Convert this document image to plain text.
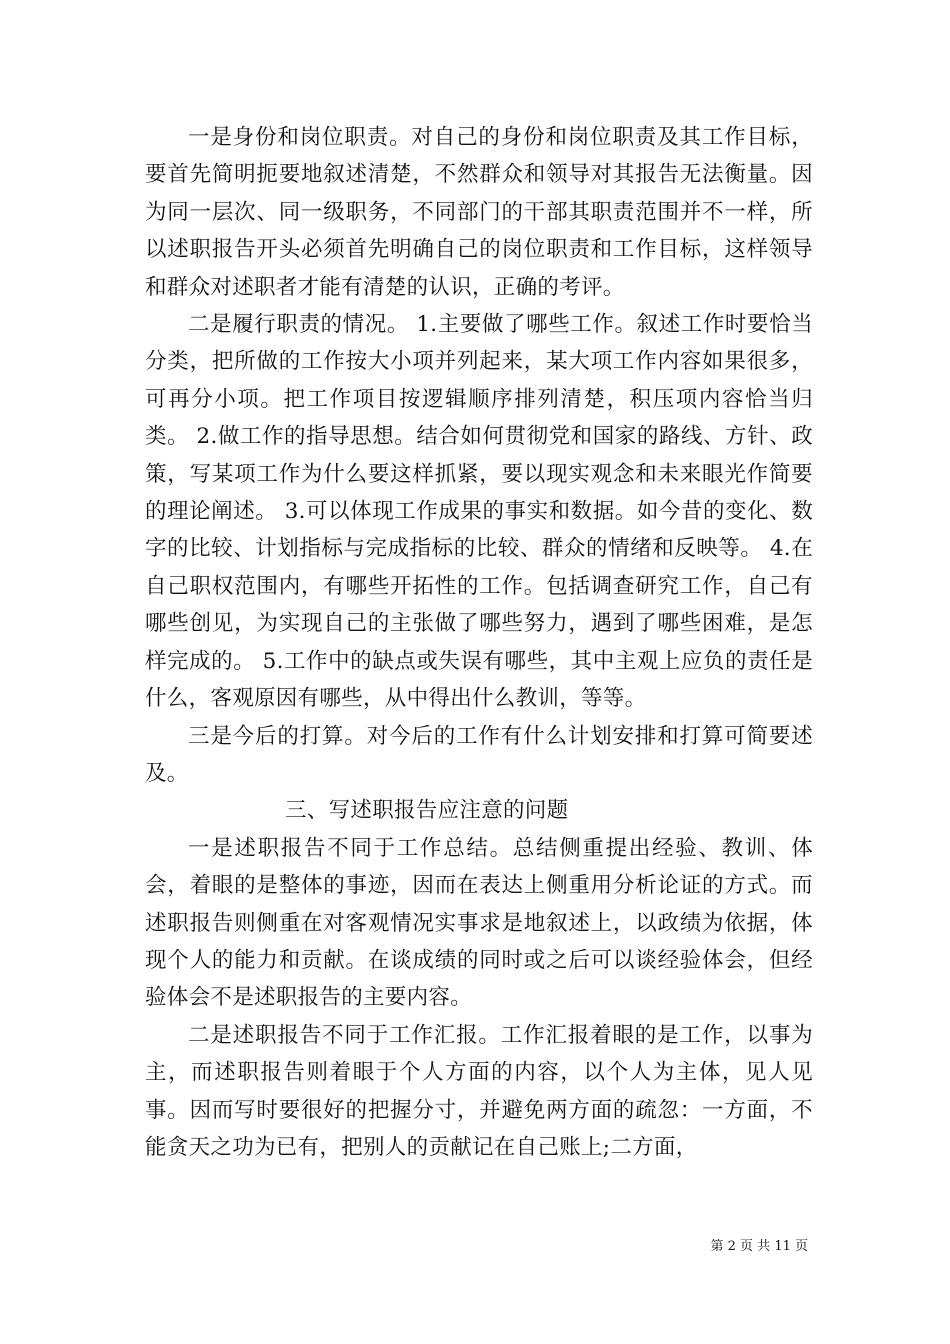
一是身份和岗位职责。对自己的身份和岗位职责及其工作目标，要首先简明扼要地叙述清楚，不然群众和领导对其报告无法衡量。因为同一层次、同一级职务，不同部门的干部其职责范围并不一样，所以述职报告开头必须首先明确自己的岗位职责和工作目标，这样领导和群众对述职者才能有清楚的认识，正确的考评。

二是履行职责的情况。 1.主要做了哪些工作。叙述工作时要恰当分类，把所做的工作按大小项并列起来，某大项工作内容如果很多，可再分小项。把工作项目按逻辑顺序排列清楚，积压项内容恰当归类。 2.做工作的指导思想。结合如何贯彻党和国家的路线、方针、政策，写某项工作为什么要这样抓紧，要以现实观念和未来眼光作简要的理论阐述。 3.可以体现工作成果的事实和数据。如今昔的变化、数字的比较、计划指标与完成指标的比较、群众的情绪和反映等。 4.在自己职权范围内，有哪些开拓性的工作。包括调查研究工作，自己有哪些创见，为实现自己的主张做了哪些努力，遇到了哪些困难，是怎样完成的。 5.工作中的缺点或失误有哪些，其中主观上应负的责任是什么，客观原因有哪些，从中得出什么教训，等等。

三是今后的打算。对今后的工作有什么计划安排和打算可简要述及。

三、写述职报告应注意的问题

一是述职报告不同于工作总结。总结侧重提出经验、教训、体会，着眼的是整体的事迹，因而在表达上侧重用分析论证的方式。而述职报告则侧重在对客观情况实事求是地叙述上，以政绩为依据，体现个人的能力和贡献。在谈成绩的同时或之后可以谈经验体会，但经验体会不是述职报告的主要内容。

二是述职报告不同于工作汇报。工作汇报着眼的是工作，以事为主，而述职报告则着眼于个人方面的内容，以个人为主体，见人见事。因而写时要很好的把握分寸，并避免两方面的疏忽：一方面，不能贪天之功为已有，把别人的贡献记在自己账上;二方面，

第 2 页 共 11 页
